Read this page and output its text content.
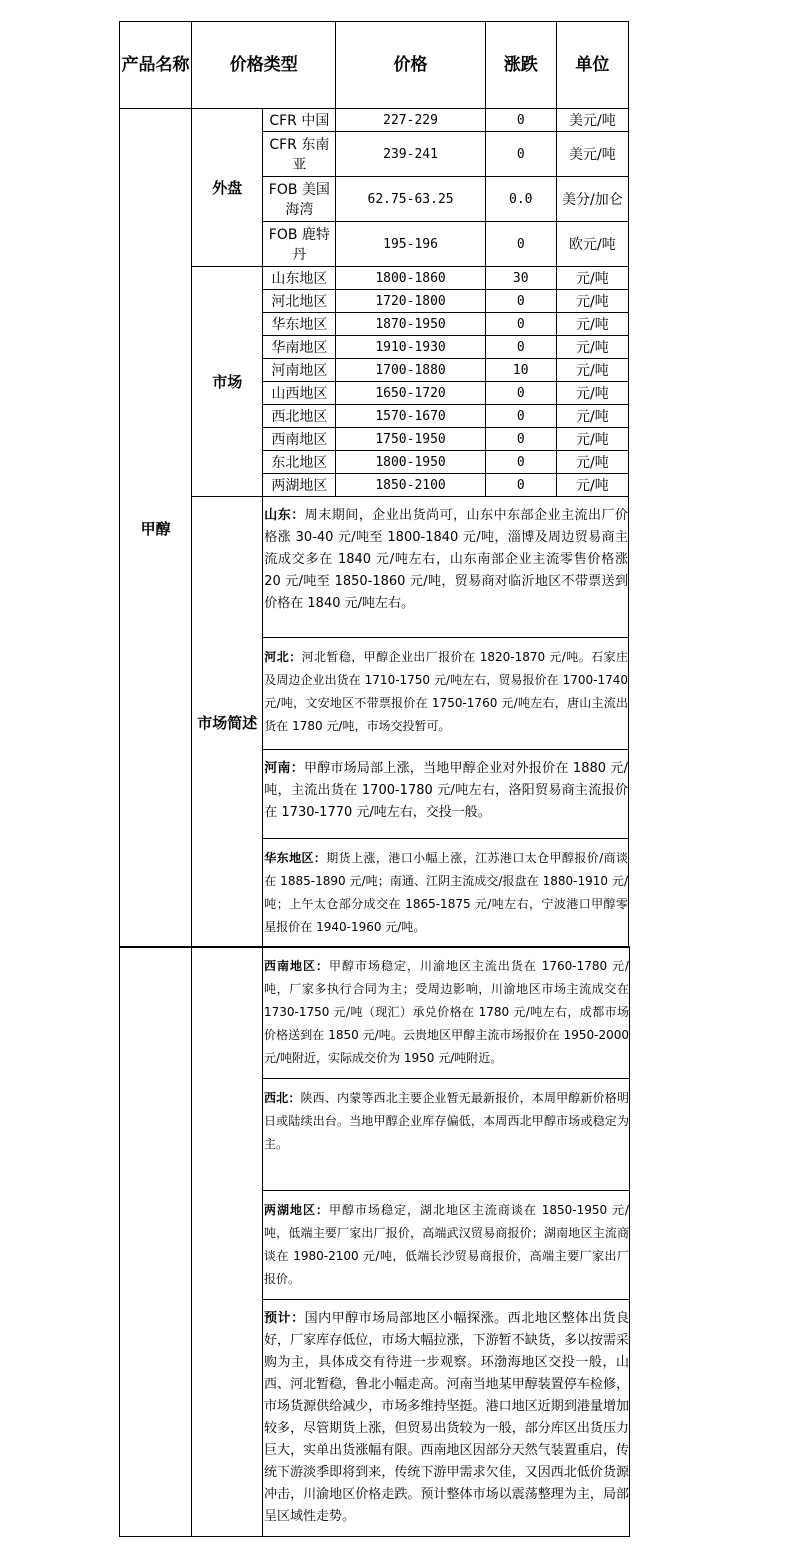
产品名称	价格类型		价格	涨跌	单位
甲醇	外盘	CFR 中国	227-229	0	美元/吨
		CFR 东南亚	239-241	0	美元/吨
		FOB 美国海湾	62.75-63.25	0.0	美分/加仑
		FOB 鹿特丹	195-196	0	欧元/吨
	市场	山东地区	1800-1860	30	元/吨
		河北地区	1720-1800	0	元/吨
		华东地区	1870-1950	0	元/吨
		华南地区	1910-1930	0	元/吨
		河南地区	1700-1880	10	元/吨
		山西地区	1650-1720	0	元/吨
		西北地区	1570-1670	0	元/吨
		西南地区	1750-1950	0	元/吨
		东北地区	1800-1950	0	元/吨
		两湖地区	1850-2100	0	元/吨
	市场简述	山东：周末期间，企业出货尚可，山东中东部企业主流出厂价格涨 30-40 元/吨至 1800-1840 元/吨，淄博及周边贸易商主流成交多在 1840 元/吨左右，山东南部企业主流零售价格涨 20 元/吨至 1850-1860 元/吨，贸易商对临沂地区不带票送到价格在 1840 元/吨左右。			
		河北：河北暂稳，甲醇企业出厂报价在 1820-1870 元/吨。石家庄及周边企业出货在 1710-1750 元/吨左右，贸易报价在 1700-1740 元/吨，文安地区不带票报价在 1750-1760 元/吨左右，唐山主流出货在 1780 元/吨，市场交投暂可。			
		河南：甲醇市场局部上涨，当地甲醇企业对外报价在 1880 元/吨，主流出货在 1700-1780 元/吨左右，洛阳贸易商主流报价在 1730-1770 元/吨左右，交投一般。			
		华东地区：期货上涨，港口小幅上涨，江苏港口太仓甲醇报价/商谈在 1885-1890 元/吨；南通、江阴主流成交/报盘在 1880-1910 元/吨；上午太仓部分成交在 1865-1875 元/吨左右，宁波港口甲醇零星报价在 1940-1960 元/吨。			
		西南地区：甲醇市场稳定，川渝地区主流出货在 1760-1780 元/吨，厂家多执行合同为主；受周边影响，川渝地区市场主流成交在 1730-1750 元/吨（现汇）承兑价格在 1780 元/吨左右，成都市场价格送到在 1850 元/吨。云贵地区甲醇主流市场报价在 1950-2000 元/吨附近，实际成交价为 1950 元/吨附近。
西北：陕西、内蒙等西北主要企业暂无最新报价，本周甲醇新价格明日或陆续出台。当地甲醇企业库存偏低，本周西北甲醇市场或稳定为主。
两湖地区：甲醇市场稳定，湖北地区主流商谈在 1850-1950 元/吨，低端主要厂家出厂报价，高端武汉贸易商报价；湖南地区主流商谈在 1980-2100 元/吨，低端长沙贸易商报价，高端主要厂家出厂报价。
预计：国内甲醇市场局部地区小幅探涨。西北地区整体出货良好，厂家库存低位，市场大幅拉涨，下游暂不缺货，多以按需采购为主，具体成交有待进一步观察。环渤海地区交投一般，山西、河北暂稳，鲁北小幅走高。河南当地某甲醇装置停车检修，市场货源供给减少，市场多维持坚挺。港口地区近期到港量增加较多，尽管期货上涨，但贸易出货较为一般，部分库区出货压力巨大，实单出货涨幅有限。西南地区因部分天然气装置重启，传统下游淡季即将到来，传统下游甲需求欠佳，又因西北低价货源冲击，川渝地区价格走跌。预计整体市场以震荡整理为主，局部呈区域性走势。
